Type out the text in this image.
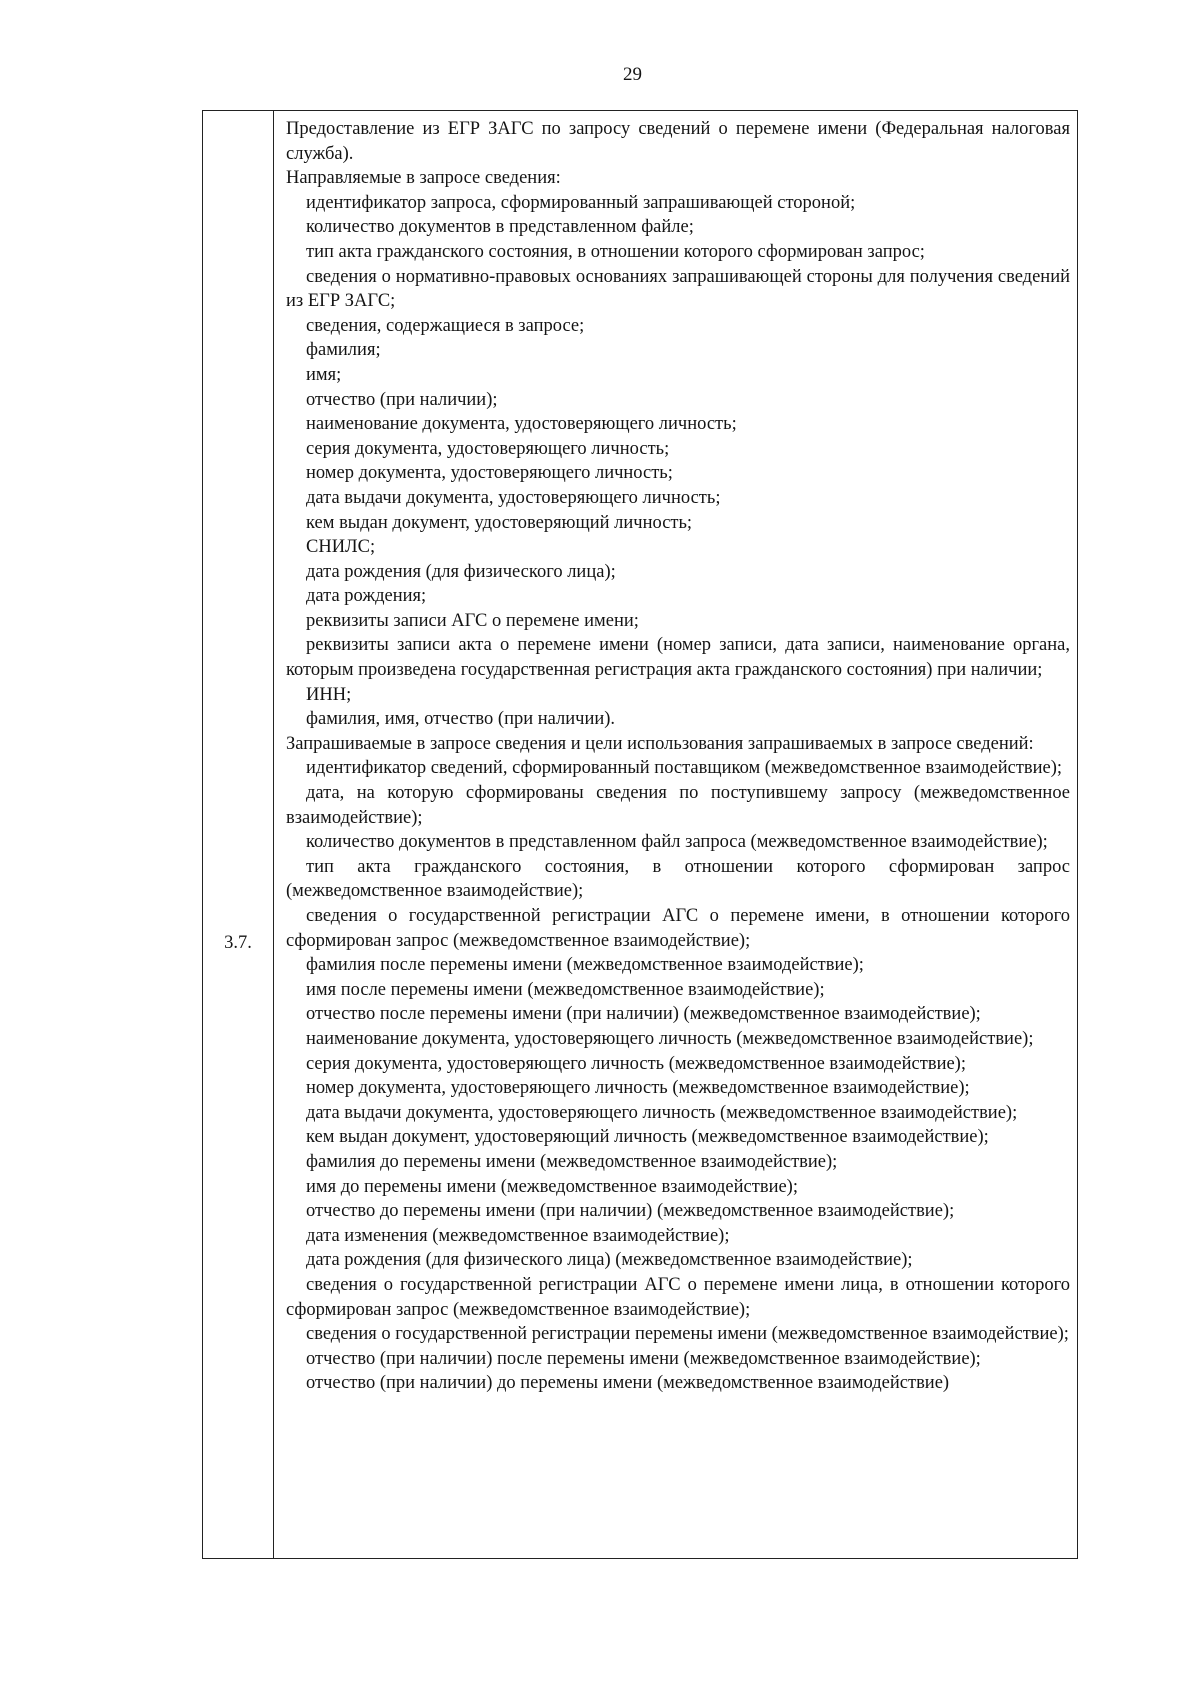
29
3.7.

Предоставление из ЕГР ЗАГС по запросу сведений о перемене имени (Федеральная налоговая служба).

Направляемые в запросе сведения:

идентификатор запроса, сформированный запрашивающей стороной;

количество документов в представленном файле;

тип акта гражданского состояния, в отношении которого сформирован запрос;

сведения о нормативно-правовых основаниях запрашивающей стороны для получения сведений из ЕГР ЗАГС;

сведения, содержащиеся в запросе;

фамилия;

имя;

отчество (при наличии);

наименование документа, удостоверяющего личность;

серия документа, удостоверяющего личность;

номер документа, удостоверяющего личность;

дата выдачи документа, удостоверяющего личность;

кем выдан документ, удостоверяющий личность;

СНИЛС;

дата рождения (для физического лица);

дата рождения;

реквизиты записи АГС о перемене имени;

реквизиты записи акта о перемене имени (номер записи, дата записи, наименование органа, которым произведена государственная регистрация акта гражданского состояния) при наличии;

ИНН;

фамилия, имя, отчество (при наличии).

Запрашиваемые в запросе сведения и цели использования запрашиваемых в запросе сведений:

идентификатор сведений, сформированный поставщиком (межведомственное взаимодействие);

дата, на которую сформированы сведения по поступившему запросу (межведомственное взаимодействие);

количество документов в представленном файл запроса (межведомственное взаимодействие);

тип акта гражданского состояния, в отношении которого сформирован запрос (межведомственное взаимодействие);

сведения о государственной регистрации АГС о перемене имени, в отношении которого сформирован запрос (межведомственное взаимодействие);

фамилия после перемены имени (межведомственное взаимодействие);

имя после перемены имени (межведомственное взаимодействие);

отчество после перемены имени (при наличии) (межведомственное взаимодействие);

наименование документа, удостоверяющего личность (межведомственное взаимодействие);

серия документа, удостоверяющего личность (межведомственное взаимодействие);

номер документа, удостоверяющего личность (межведомственное взаимодействие);

дата выдачи документа, удостоверяющего личность (межведомственное взаимодействие);

кем выдан документ, удостоверяющий личность (межведомственное взаимодействие);

фамилия до перемены имени (межведомственное взаимодействие);

имя до перемены имени (межведомственное взаимодействие);

отчество до перемены имени (при наличии) (межведомственное взаимодействие);

дата изменения (межведомственное взаимодействие);

дата рождения (для физического лица) (межведомственное взаимодействие);

сведения о государственной регистрации АГС о перемене имени лица, в отношении которого сформирован запрос (межведомственное взаимодействие);

сведения о государственной регистрации перемены имени (межведомственное взаимодействие);

отчество (при наличии) после перемены имени (межведомственное взаимодействие);

отчество (при наличии) до перемены имени (межведомственное взаимодействие)
